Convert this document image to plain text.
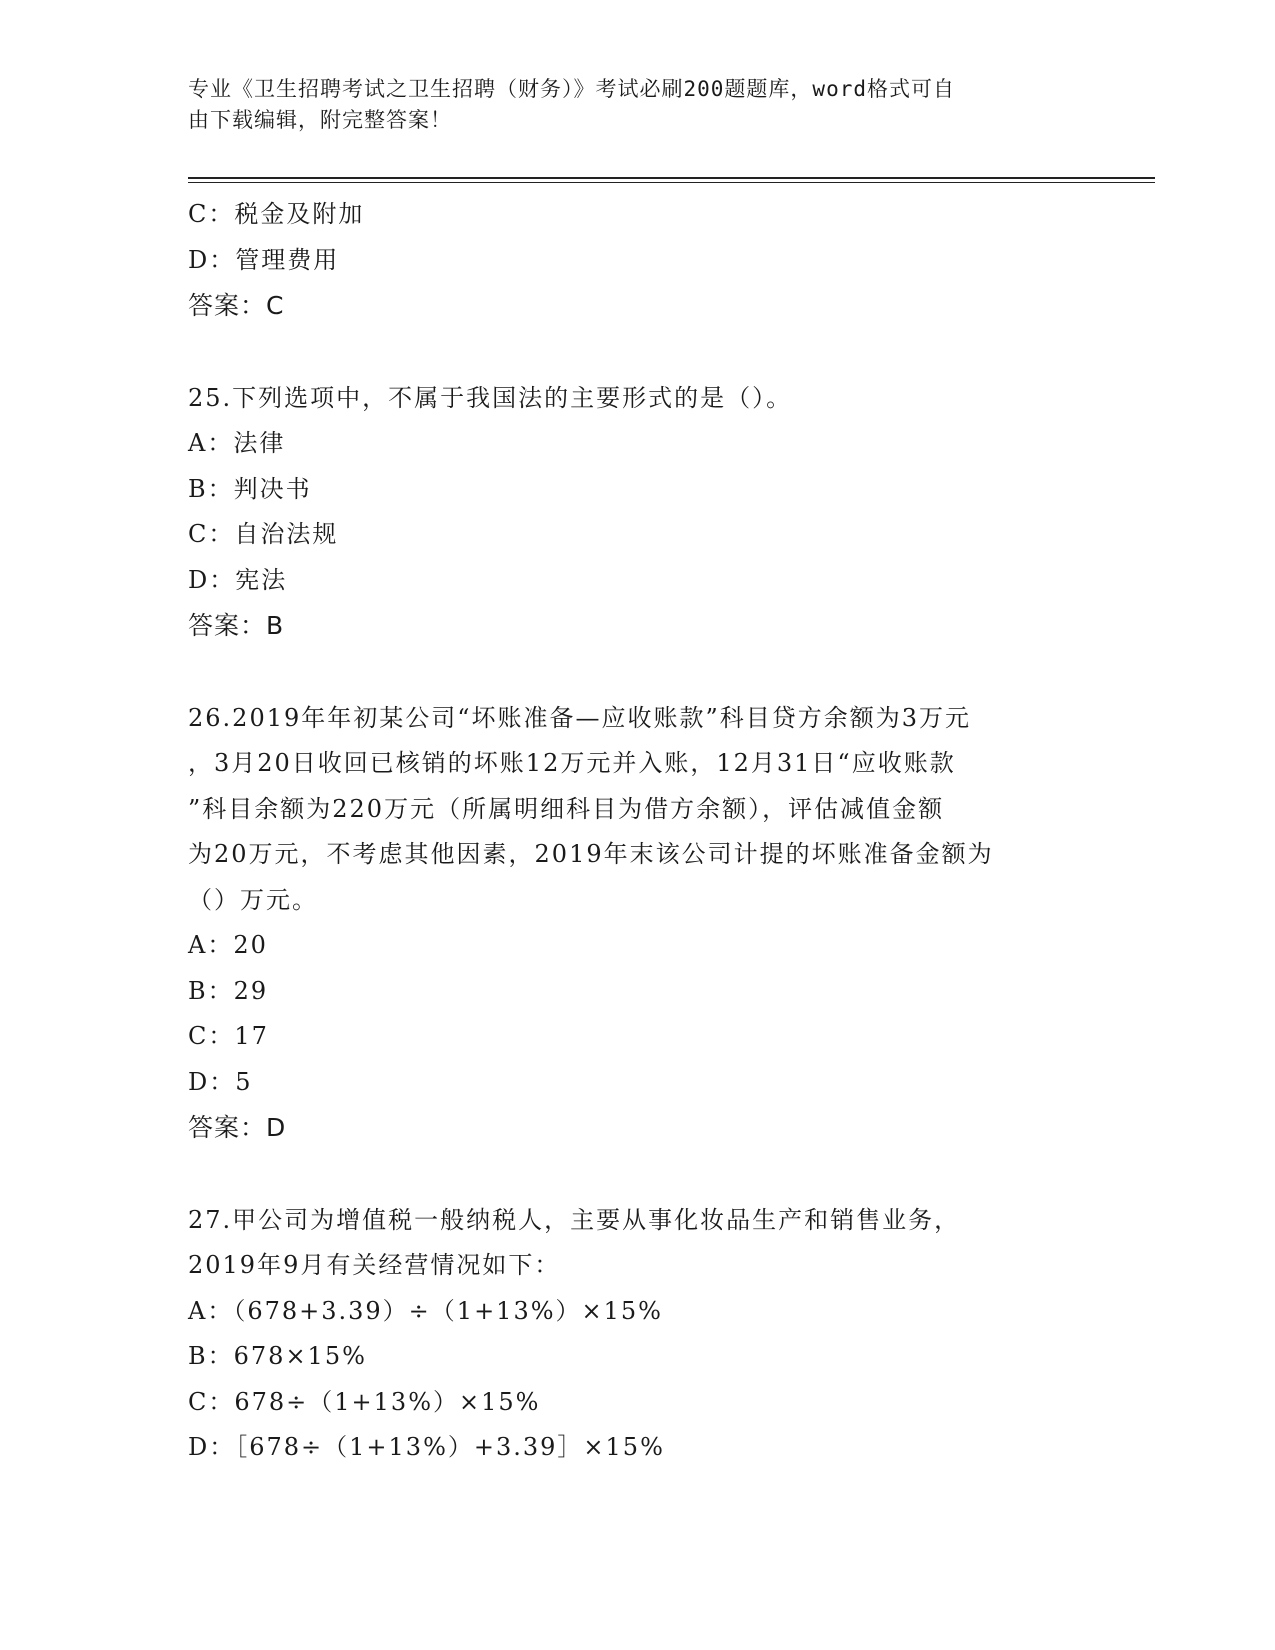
专业《卫生招聘考试之卫生招聘（财务）》考试必刷200题题库，word格式可自
由下载编辑，附完整答案！
C：税金及附加
D：管理费用
答案：C
25.下列选项中，不属于我国法的主要形式的是（）。
A：法律
B：判决书
C：自治法规
D：宪法
答案：B
26.2019年年初某公司“坏账准备—应收账款”科目贷方余额为3万元
，3月20日收回已核销的坏账12万元并入账，12月31日“应收账款
”科目余额为220万元（所属明细科目为借方余额），评估减值金额
为20万元，不考虑其他因素，2019年末该公司计提的坏账准备金额为
（）万元。
A：20
B：29
C：17
D：5
答案：D
27.甲公司为增值税一般纳税人，主要从事化妆品生产和销售业务，
2019年9月有关经营情况如下：
A：（678+3.39）÷（1+13%）×15%
B：678×15%
C：678÷（1+13%）×15%
D：［678÷（1+13%）+3.39］×15%
